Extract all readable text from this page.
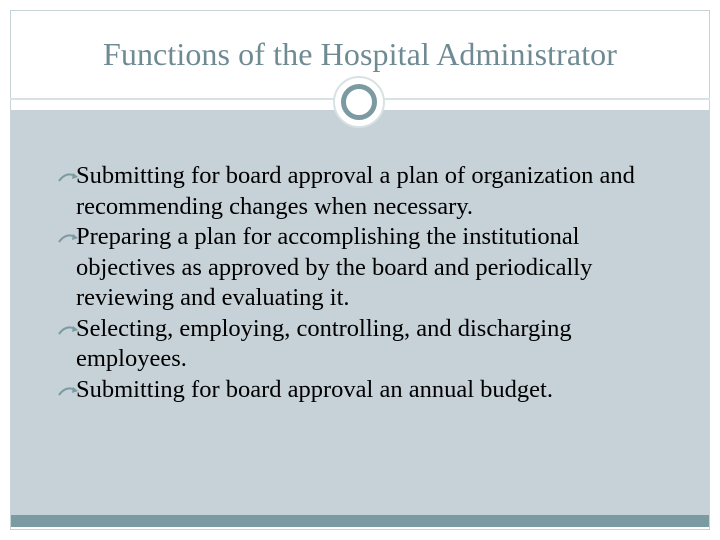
Functions of the Hospital Administrator
Submitting for board approval a plan of organization and recommending changes when necessary.
Preparing a plan for accomplishing the institutional objectives as approved by the board and periodically reviewing and evaluating it.
Selecting, employing, controlling, and discharging employees.
Submitting for board approval an annual budget.
